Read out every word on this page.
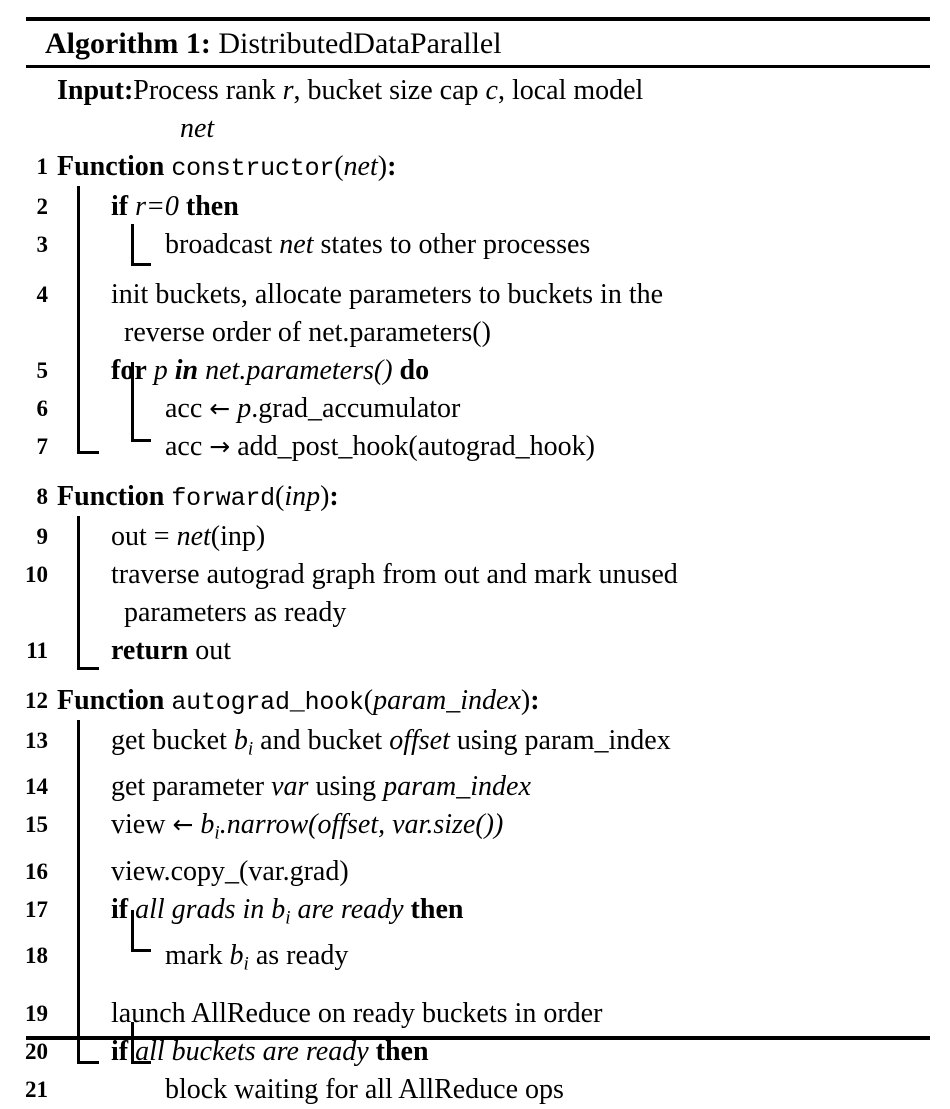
Algorithm 1: DistributedDataParallel
Input:Process rank r, bucket size cap c, local model
net
1 Function constructor(net):
2	if r=0 then
3	broadcast net states to other processes
4	init buckets, allocate parameters to buckets in the
reverse order of net.parameters()
5	for p in net.parameters() do
6	acc ← p.grad_accumulator
7	acc → add_post_hook(autograd_hook)
8 Function forward(inp):
9	out = net(inp)
10	traverse autograd graph from out and mark unused
parameters as ready
11	return out
12 Function autograd_hook(param_index):
13	get bucket $b_i$ and bucket offset using param_index
14	get parameter var using param_index
15	view ← $b_i.narrow(offset$, var.size())
16	view.copy_(var.grad)
17	if all grads in $b_i$ are ready then
18	mark $b_i$ as ready
19	launch AllReduce on ready buckets in order
20	if all buckets are ready then
21	block waiting for all AllReduce ops
